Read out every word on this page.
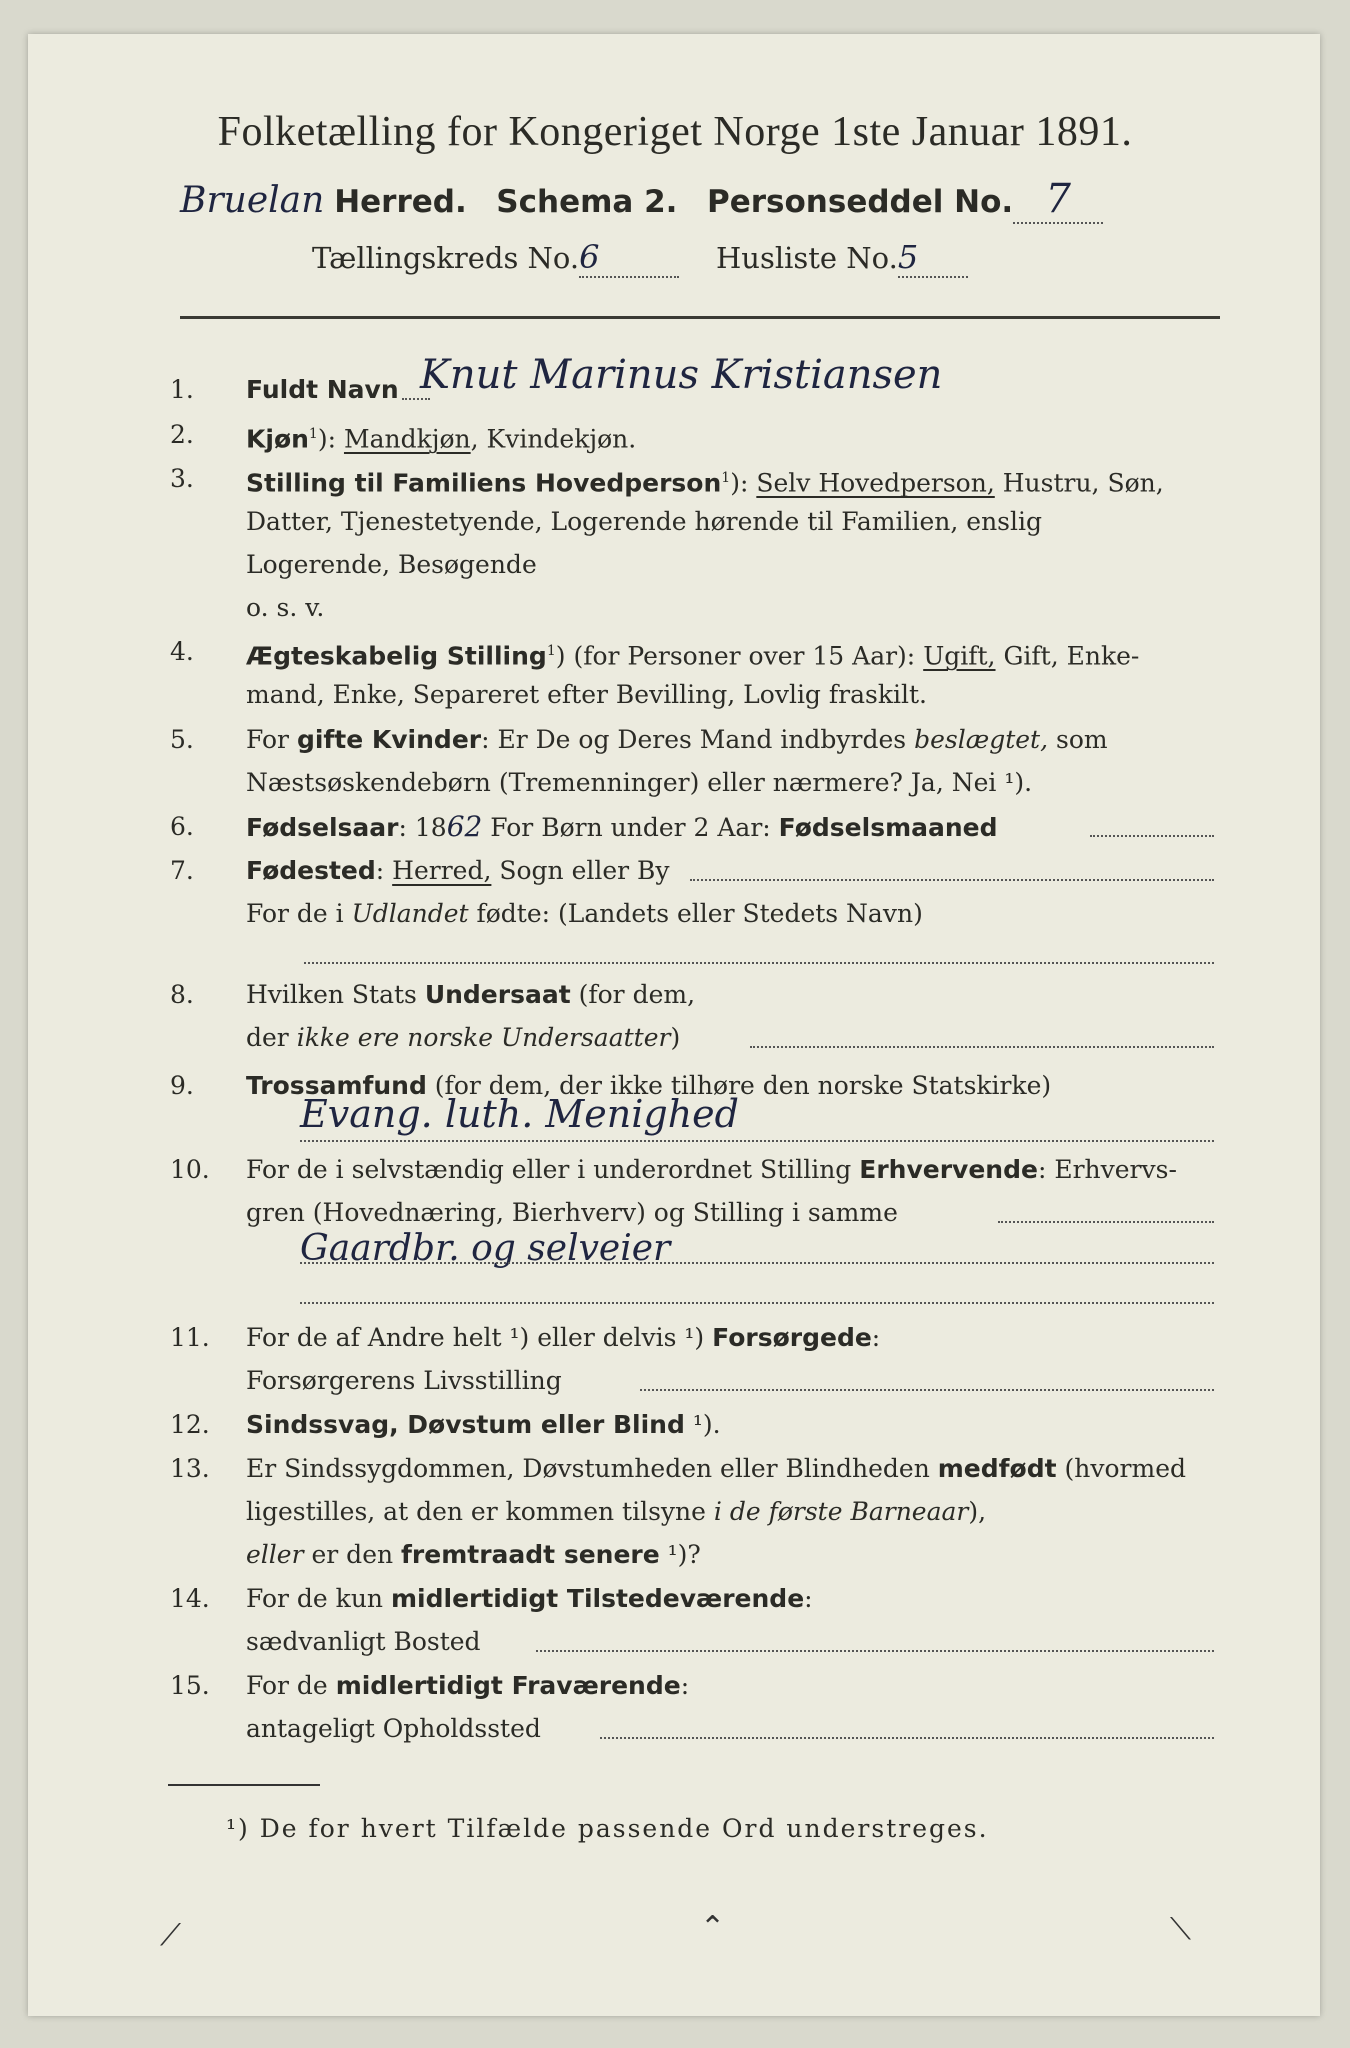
Folketælling for Kongeriget Norge 1ste Januar 1891.
Bruelan Herred. Schema 2. Personseddel No. 7
Tællingskreds No.6	Husliste No.5
1.	Fuldt Navn Knut Marinus Kristiansen
2.	Kjøn$^1$): Mandkjøn, Kvindekjøn.
3.	Stilling til Familiens Hovedperson$^1$): Selv Hovedperson, Hustru, Søn,
Datter, Tjenestetyende, Logerende hørende til Familien, enslig
Logerende, Besøgende
o. s. v.
4.	Ægteskabelig Stilling$^1$) (for Personer over 15 Aar): Ugift, Gift, Enke-
mand, Enke, Separeret efter Bevilling, Lovlig fraskilt.
5.	For gifte Kvinder: Er De og Deres Mand indbyrdes beslægtet, som
Næstsøskendebørn (Tremenninger) eller nærmere? Ja, Nei ¹).
6.	Fødselsaar: 1862 For Børn under 2 Aar: Fødselsmaaned
7.	Fødested: Herred, Sogn eller By
For de i Udlandet fødte: (Landets eller Stedets Navn)
8.	Hvilken Stats Undersaat (for dem,
der ikke ere norske Undersaatter)
9.	Trossamfund (for dem, der ikke tilhøre den norske Statskirke)
Evang. luth. Menighed
10.	For de i selvstændig eller i underordnet Stilling Erhvervende: Erhvervs-
gren (Hovednæring, Bierhverv) og Stilling i samme
Gaardbr. og selveier
11.	For de af Andre helt ¹) eller delvis ¹) Forsørgede:
Forsørgerens Livsstilling
12.	Sindssvag, Døvstum eller Blind ¹).
13.	Er Sindssygdommen, Døvstumheden eller Blindheden medfødt (hvormed
ligestilles, at den er kommen tilsyne i de første Barneaar),
eller er den fremtraadt senere ¹)?
14.	For de kun midlertidigt Tilstedeværende:
sædvanligt Bosted
15.	For de midlertidigt Fraværende:
antageligt Opholdssted
¹) De for hvert Tilfælde passende Ord understreges.
⟋	⌃	⟍
